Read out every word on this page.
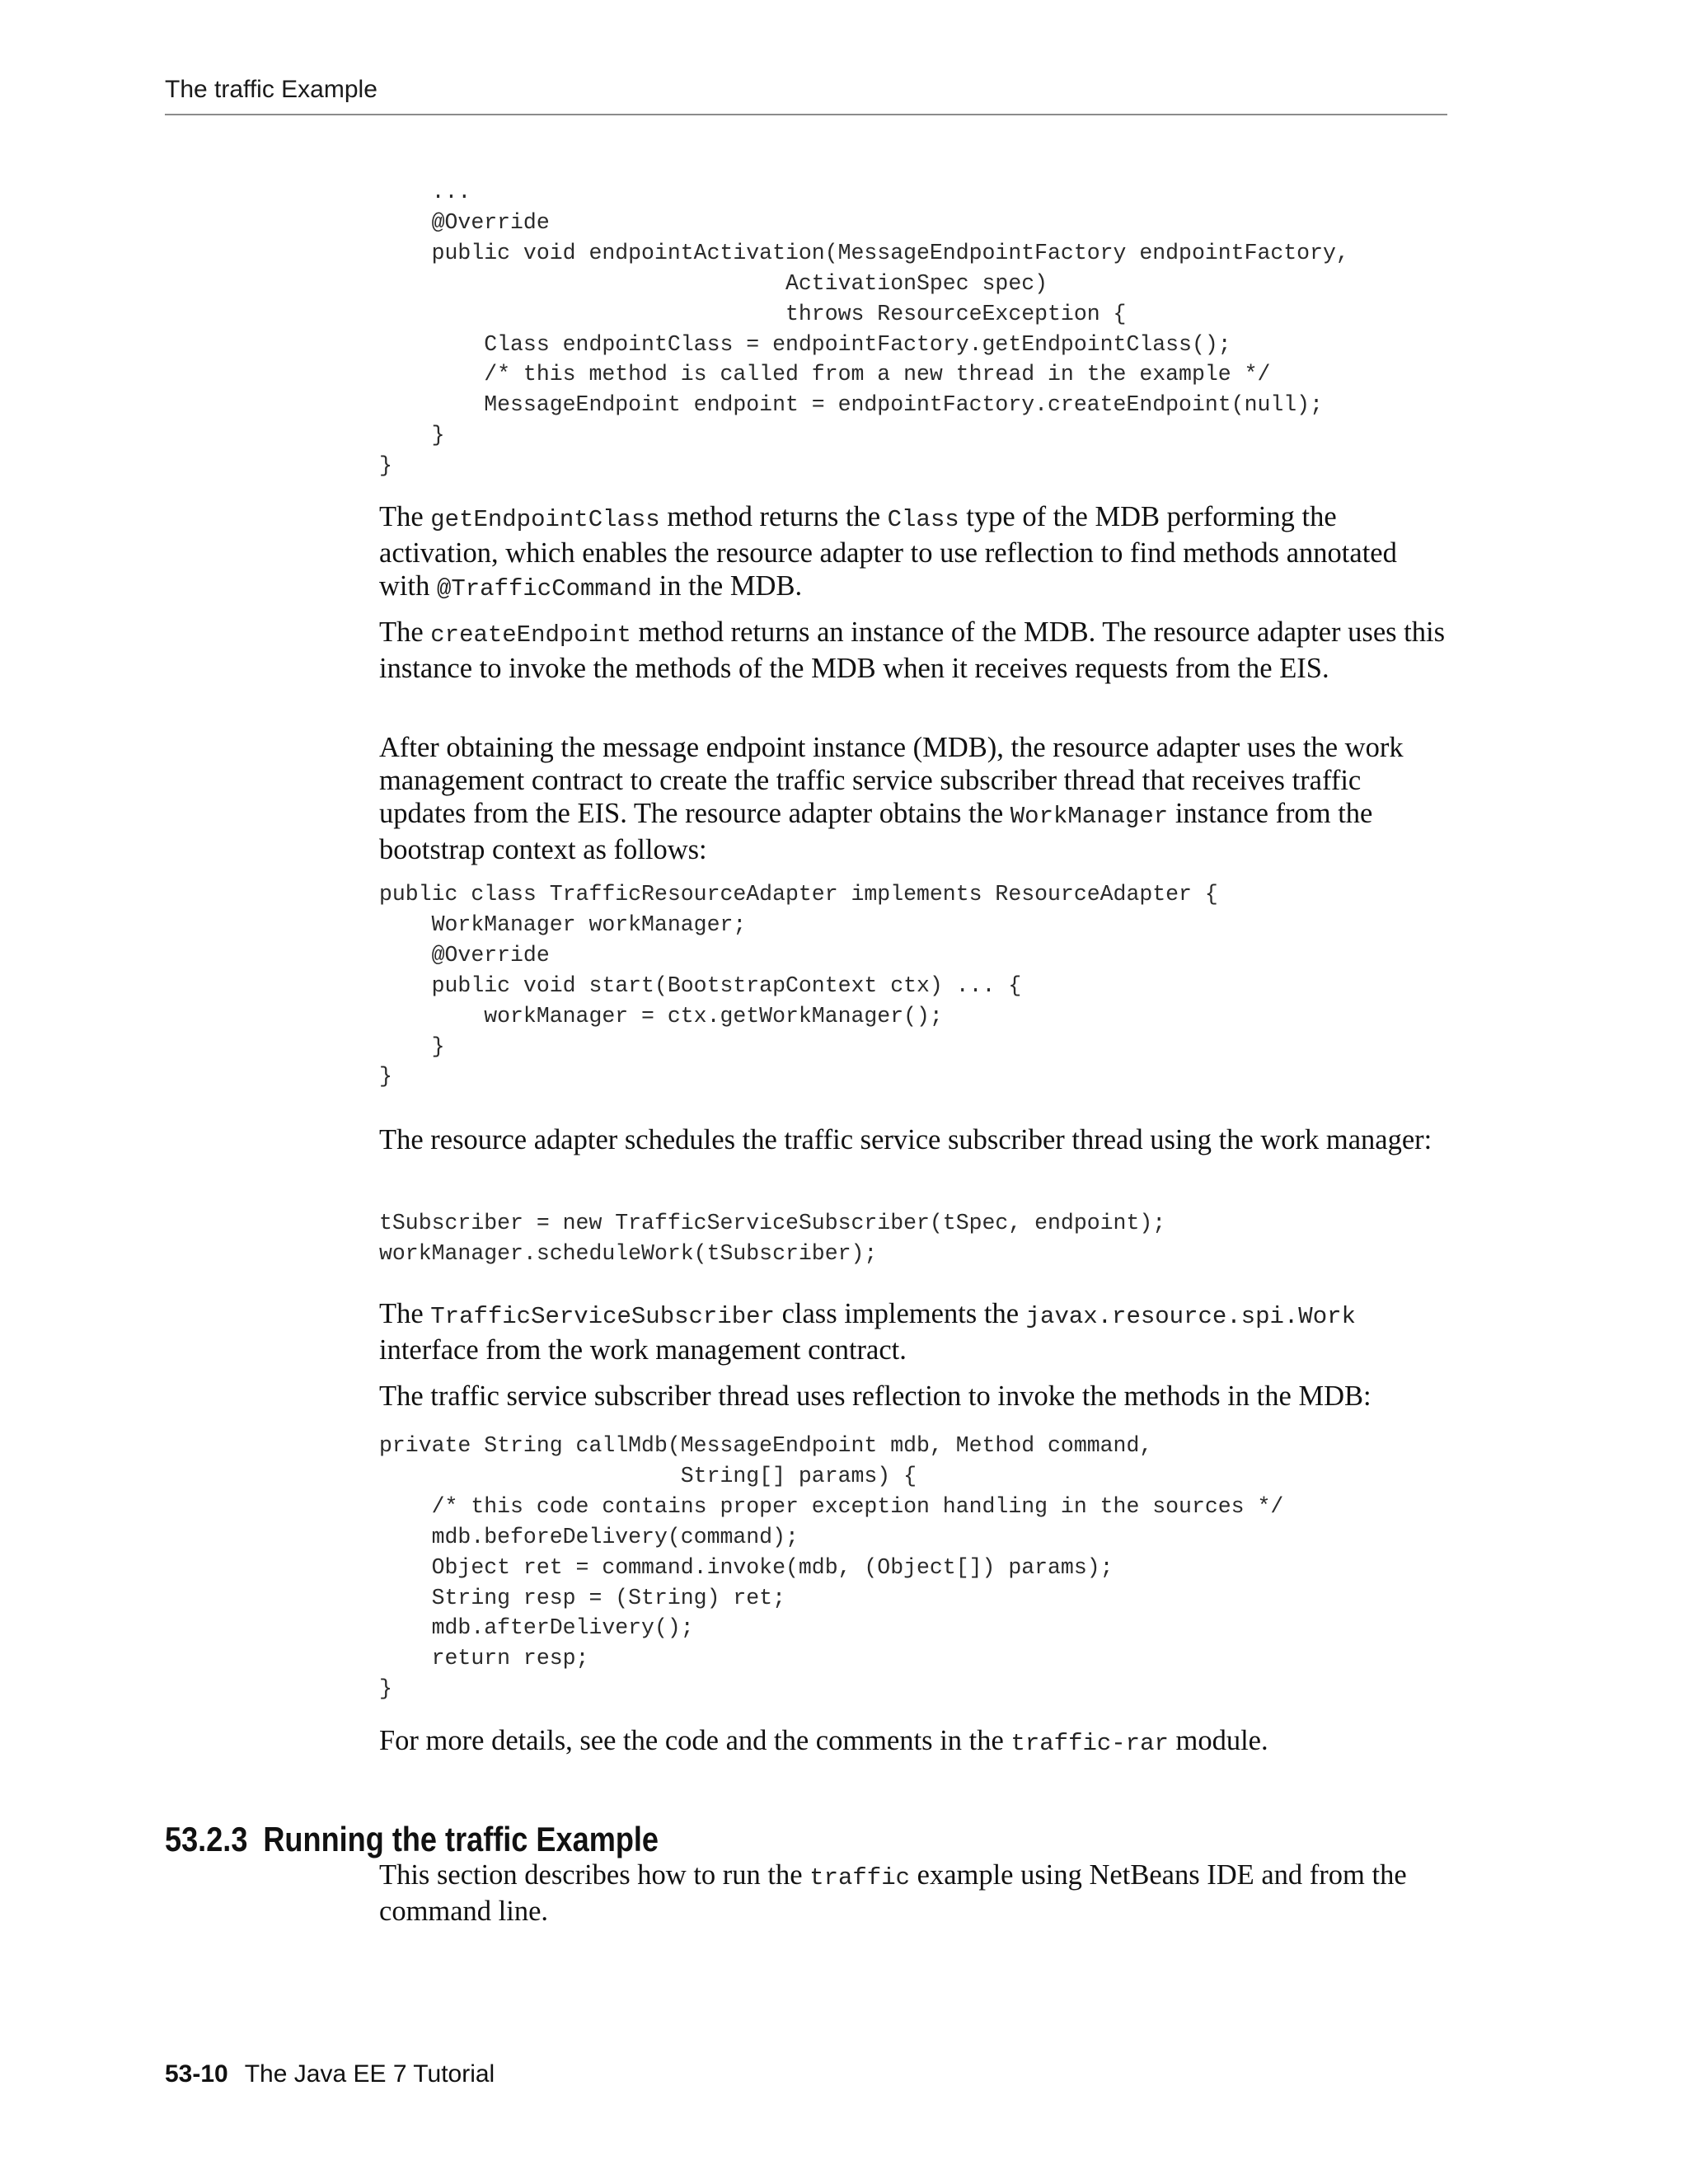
The traffic Example
...
@Override
public void endpointActivation(MessageEndpointFactory endpointFactory,
ActivationSpec spec)
throws ResourceException {
Class endpointClass = endpointFactory.getEndpointClass();
/* this method is called from a new thread in the example */
MessageEndpoint endpoint = endpointFactory.createEndpoint(null);
}
}

The getEndpointClass method returns the Class type of the MDB performing the activation, which enables the resource adapter to use reflection to find methods annotated with @TrafficCommand in the MDB.

The createEndpoint method returns an instance of the MDB. The resource adapter uses this instance to invoke the methods of the MDB when it receives requests from the EIS.

After obtaining the message endpoint instance (MDB), the resource adapter uses the work management contract to create the traffic service subscriber thread that receives traffic updates from the EIS. The resource adapter obtains the WorkManager instance from the bootstrap context as follows:

public class TrafficResourceAdapter implements ResourceAdapter {
WorkManager workManager;
@Override
public void start(BootstrapContext ctx) ... {
workManager = ctx.getWorkManager();
}
}

The resource adapter schedules the traffic service subscriber thread using the work manager:

tSubscriber = new TrafficServiceSubscriber(tSpec, endpoint);
workManager.scheduleWork(tSubscriber);

The TrafficServiceSubscriber class implements the javax.resource.spi.Work interface from the work management contract.

The traffic service subscriber thread uses reflection to invoke the methods in the MDB:

private String callMdb(MessageEndpoint mdb, Method command,
String[] params) {
/* this code contains proper exception handling in the sources */
mdb.beforeDelivery(command);
Object ret = command.invoke(mdb, (Object[]) params);
String resp = (String) ret;
mdb.afterDelivery();
return resp;
}

For more details, see the code and the comments in the traffic-rar module.

53.2.3 Running the traffic Example

This section describes how to run the traffic example using NetBeans IDE and from the command line.

53-10 The Java EE 7 Tutorial
